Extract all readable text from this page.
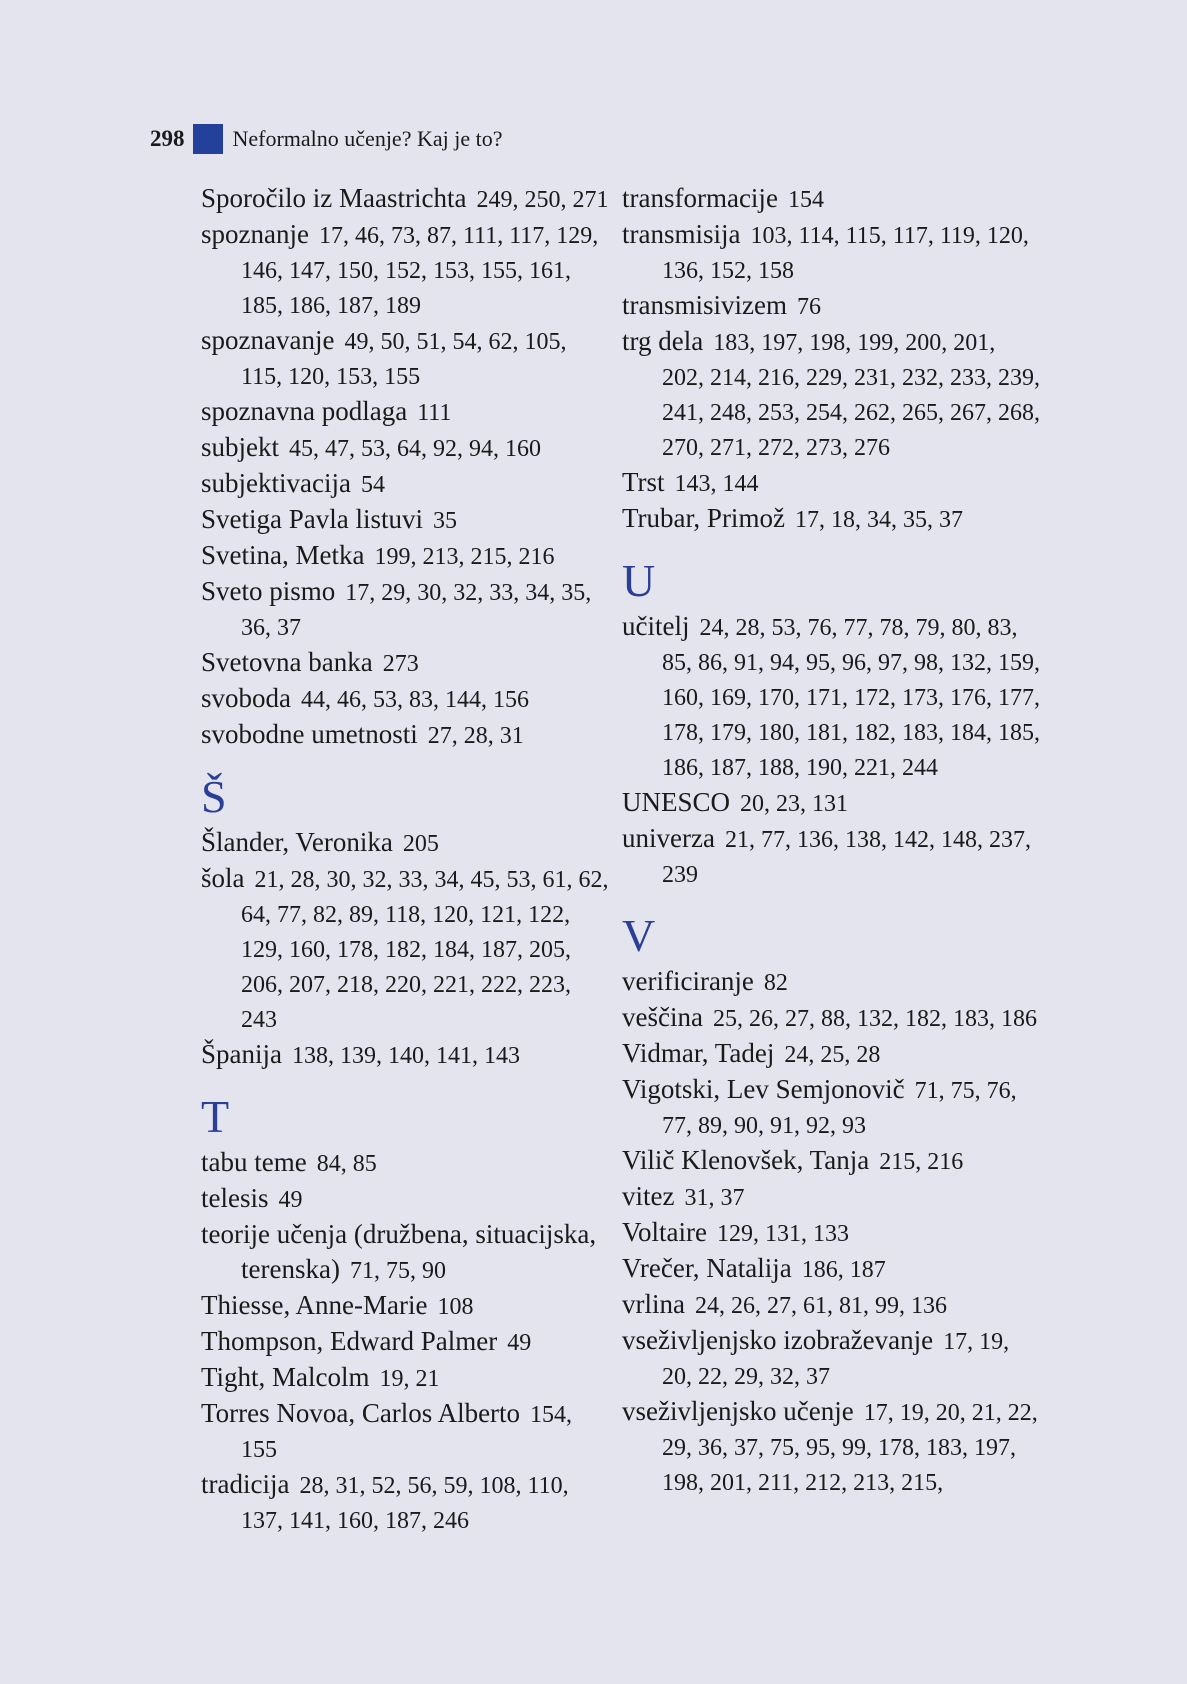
298 Neformalno učenje? Kaj je to?

Sporočilo iz Maastrichta 249, 250, 271

spoznanje 17, 46, 73, 87, 111, 117, 129, 146, 147, 150, 152, 153, 155, 161, 185, 186, 187, 189

spoznavanje 49, 50, 51, 54, 62, 105, 115, 120, 153, 155

spoznavna podlaga 111

subjekt 45, 47, 53, 64, 92, 94, 160

subjektivacija 54

Svetiga Pavla listuvi 35

Svetina, Metka 199, 213, 215, 216

Sveto pismo 17, 29, 30, 32, 33, 34, 35, 36, 37

Svetovna banka 273

svoboda 44, 46, 53, 83, 144, 156

svobodne umetnosti 27, 28, 31

Š

Šlander, Veronika 205

šola 21, 28, 30, 32, 33, 34, 45, 53, 61, 62, 64, 77, 82, 89, 118, 120, 121, 122, 129, 160, 178, 182, 184, 187, 205, 206, 207, 218, 220, 221, 222, 223, 243

Španija 138, 139, 140, 141, 143

T

tabu teme 84, 85

telesis 49

teorije učenja (družbena, situacijska, terenska) 71, 75, 90

Thiesse, Anne-Marie 108

Thompson, Edward Palmer 49

Tight, Malcolm 19, 21

Torres Novoa, Carlos Alberto 154, 155

tradicija 28, 31, 52, 56, 59, 108, 110, 137, 141, 160, 187, 246

transformacije 154

transmisija 103, 114, 115, 117, 119, 120, 136, 152, 158

transmisivizem 76

trg dela 183, 197, 198, 199, 200, 201, 202, 214, 216, 229, 231, 232, 233, 239, 241, 248, 253, 254, 262, 265, 267, 268, 270, 271, 272, 273, 276

Trst 143, 144

Trubar, Primož 17, 18, 34, 35, 37

U

učitelj 24, 28, 53, 76, 77, 78, 79, 80, 83, 85, 86, 91, 94, 95, 96, 97, 98, 132, 159, 160, 169, 170, 171, 172, 173, 176, 177, 178, 179, 180, 181, 182, 183, 184, 185, 186, 187, 188, 190, 221, 244

UNESCO 20, 23, 131

univerza 21, 77, 136, 138, 142, 148, 237, 239

V

verificiranje 82

veščina 25, 26, 27, 88, 132, 182, 183, 186

Vidmar, Tadej 24, 25, 28

Vigotski, Lev Semjonovič 71, 75, 76, 77, 89, 90, 91, 92, 93

Vilič Klenovšek, Tanja 215, 216

vitez 31, 37

Voltaire 129, 131, 133

Vrečer, Natalija 186, 187

vrlina 24, 26, 27, 61, 81, 99, 136

vseživljenjsko izobraževanje 17, 19, 20, 22, 29, 32, 37

vseživljenjsko učenje 17, 19, 20, 21, 22, 29, 36, 37, 75, 95, 99, 178, 183, 197, 198, 201, 211, 212, 213, 215,
